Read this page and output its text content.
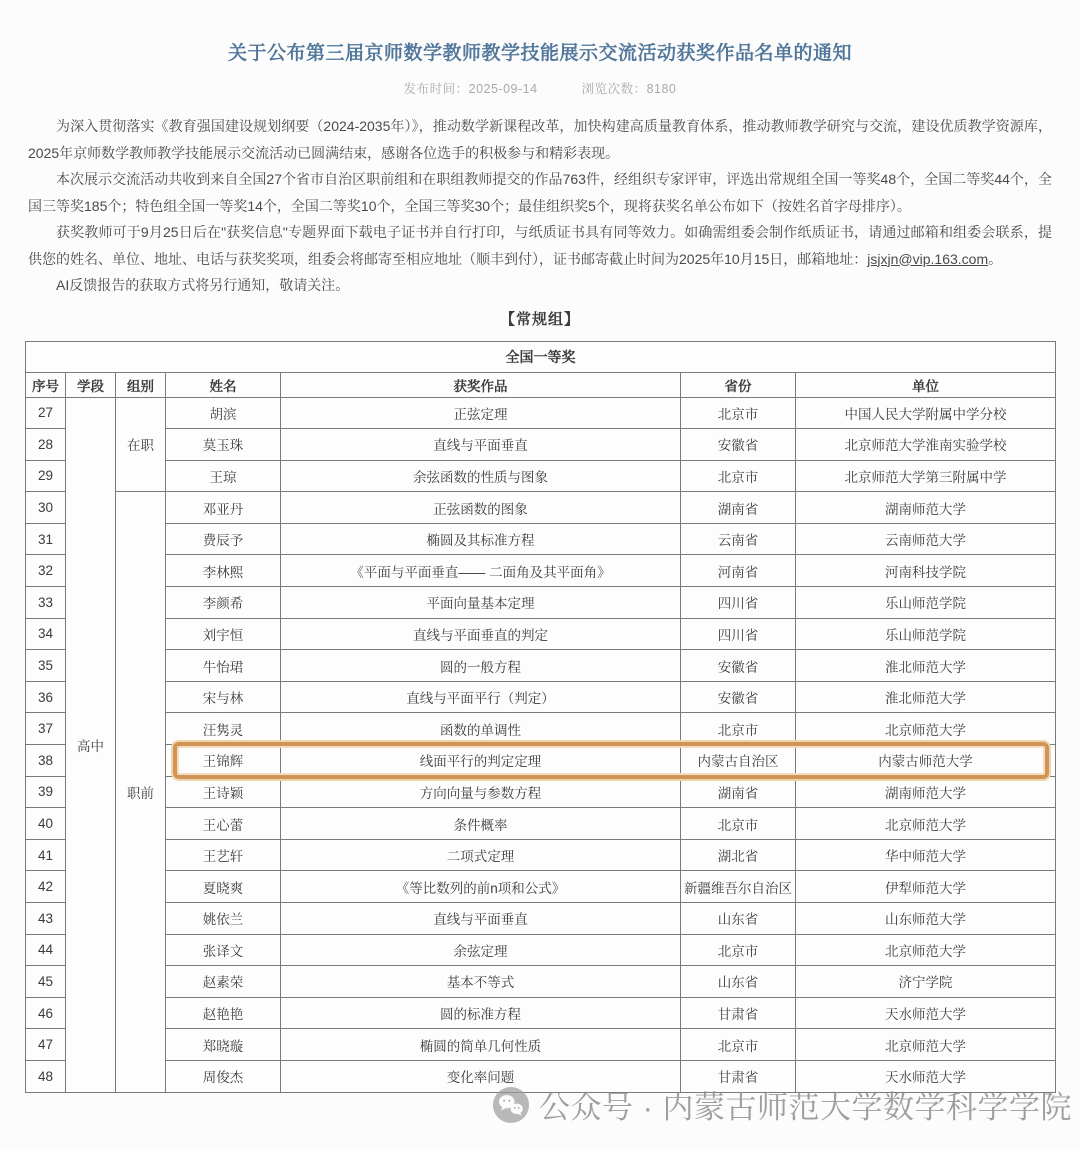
关于公布第三届京师数学教师教学技能展示交流活动获奖作品名单的通知
发布时间：2025-09-14	浏览次数：8180

为深入贯彻落实《教育强国建设规划纲要（2024-2035年）》，推动数学新课程改革，加快构建高质量教育体系，推动教师教学研究与交流，建设优质教学资源库，2025年京师数学教师教学技能展示交流活动已圆满结束，感谢各位选手的积极参与和精彩表现。

本次展示交流活动共收到来自全国27个省市自治区职前组和在职组教师提交的作品763件，经组织专家评审，评选出常规组全国一等奖48个，全国二等奖44个，全国三等奖185个；特色组全国一等奖14个，全国二等奖10个，全国三等奖30个；最佳组织奖5个，现将获奖名单公布如下（按姓名首字母排序）。

获奖教师可于9月25日后在"获奖信息"专题界面下载电子证书并自行打印，与纸质证书具有同等效力。如确需组委会制作纸质证书，请通过邮箱和组委会联系，提供您的姓名、单位、地址、电话与获奖奖项，组委会将邮寄至相应地址（顺丰到付），证书邮寄截止时间为2025年10月15日，邮箱地址：jsjxjn@vip.163.com。

AI反馈报告的获取方式将另行通知，敬请关注。

【常规组】
全国一等奖						
序号	学段	组别	姓名	获奖作品	省份	单位
27	高中	在职	胡滨	正弦定理	北京市	中国人民大学附属中学分校
28			莫玉珠	直线与平面垂直	安徽省	北京师范大学淮南实验学校
29			王琼	余弦函数的性质与图象	北京市	北京师范大学第三附属中学
30		职前	邓亚丹	正弦函数的图象	湖南省	湖南师范大学
31			费辰予	椭圆及其标准方程	云南省	云南师范大学
32			李林熙	《平面与平面垂直—— 二面角及其平面角》	河南省	河南科技学院
33			李颜希	平面向量基本定理	四川省	乐山师范学院
34			刘宇恒	直线与平面垂直的判定	四川省	乐山师范学院
35			牛怡珺	圆的一般方程	安徽省	淮北师范大学
36			宋与林	直线与平面平行（判定）	安徽省	淮北师范大学
37			汪隽灵	函数的单调性	北京市	北京师范大学
38			王锦辉	线面平行的判定定理	内蒙古自治区	内蒙古师范大学
39			王诗颖	方向向量与参数方程	湖南省	湖南师范大学
40			王心蕾	条件概率	北京市	北京师范大学
41			王艺轩	二项式定理	湖北省	华中师范大学
42			夏晓爽	《等比数列的前n项和公式》	新疆维吾尔自治区	伊犁师范大学
43			姚依兰	直线与平面垂直	山东省	山东师范大学
44			张译文	余弦定理	北京市	北京师范大学
45			赵素荣	基本不等式	山东省	济宁学院
46			赵艳艳	圆的标准方程	甘肃省	天水师范大学
47			郑晓璇	椭圆的简单几何性质	北京市	北京师范大学
48			周俊杰	变化率问题	甘肃省	天水师范大学
公众号 · 内蒙古师范大学数学科学学院
